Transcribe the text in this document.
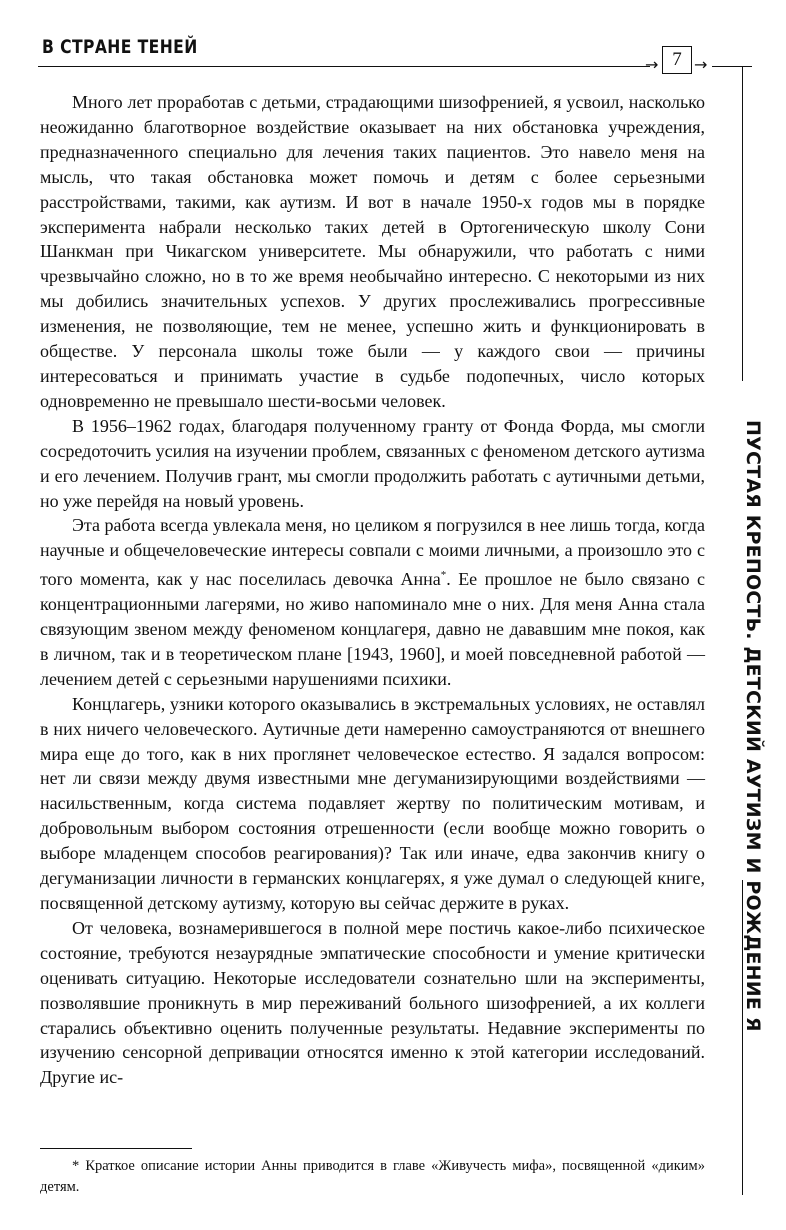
В СТРАНЕ ТЕНЕЙ
→ 7 →
ПУСТАЯ КРЕПОСТЬ. ДЕТСКИЙ АУТИЗМ И РОЖДЕНИЕ Я

Много лет проработав с детьми, страдающими шизофренией, я усвоил, насколько неожиданно благотворное воздействие оказывает на них обстановка учреждения, предназначенного специально для лечения таких пациентов. Это навело меня на мысль, что такая обстановка может помочь и детям с более серьезными расстройствами, такими, как аутизм. И вот в начале 1950-х годов мы в порядке эксперимента набрали несколько таких детей в Ортогеническую школу Сони Шанкман при Чикагском университете. Мы обнаружили, что работать с ними чрезвычайно сложно, но в то же время необычайно интересно. С некоторыми из них мы добились значительных успехов. У других прослеживались прогрессивные изменения, не позволяющие, тем не менее, успешно жить и функционировать в обществе. У персонала школы тоже были — у каждого свои — причины интересоваться и принимать участие в судьбе подопечных, число которых одновременно не превышало шести-восьми человек.

В 1956–1962 годах, благодаря полученному гранту от Фонда Форда, мы смогли сосредоточить усилия на изучении проблем, связанных с феноменом детского аутизма и его лечением. Получив грант, мы смогли продолжить работать с аутичными детьми, но уже перейдя на новый уровень.

Эта работа всегда увлекала меня, но целиком я погрузился в нее лишь тогда, когда научные и общечеловеческие интересы совпали с моими личными, а произошло это с того момента, как у нас поселилась девочка Анна*. Ее прошлое не было связано с концентрационными лагерями, но живо напоминало мне о них. Для меня Анна стала связующим звеном между феноменом концлагеря, давно не дававшим мне покоя, как в личном, так и в теоретическом плане [1943, 1960], и моей повседневной работой — лечением детей с серьезными нарушениями психики.

Концлагерь, узники которого оказывались в экстремальных условиях, не оставлял в них ничего человеческого. Аутичные дети намеренно самоустраняются от внешнего мира еще до того, как в них проглянет человеческое естество. Я задался вопросом: нет ли связи между двумя известными мне дегуманизирующими воздействиями — насильственным, когда система подавляет жертву по политическим мотивам, и добровольным выбором состояния отрешенности (если вообще можно говорить о выборе младенцем способов реагирования)? Так или иначе, едва закончив книгу о дегуманизации личности в германских концлагерях, я уже думал о следующей книге, посвященной детскому аутизму, которую вы сейчас держите в руках.

От человека, вознамерившегося в полной мере постичь какое-либо психическое состояние, требуются незаурядные эмпатические способности и умение критически оценивать ситуацию. Некоторые исследователи сознательно шли на эксперименты, позволявшие проникнуть в мир переживаний больного шизофренией, а их коллеги старались объективно оценить полученные результаты. Недавние эксперименты по изучению сенсорной депривации относятся именно к этой категории исследований. Другие ис-

* Краткое описание истории Анны приводится в главе «Живучесть мифа», посвященной «диким» детям.
